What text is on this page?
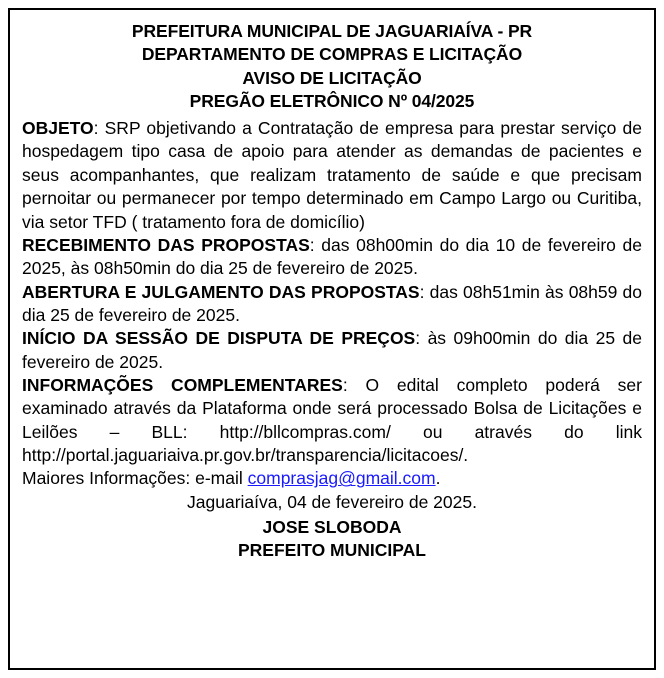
PREFEITURA MUNICIPAL DE JAGUARIAÍVA - PR
DEPARTAMENTO DE COMPRAS E LICITAÇÃO
AVISO DE LICITAÇÃO
PREGÃO ELETRÔNICO Nº 04/2025

OBJETO: SRP objetivando a Contratação de empresa para prestar serviço de hospedagem tipo casa de apoio para atender as demandas de pacientes e seus acompanhantes, que realizam tratamento de saúde e que precisam pernoitar ou permanecer por tempo determinado em Campo Largo ou Curitiba, via setor TFD ( tratamento fora de domicílio)

RECEBIMENTO DAS PROPOSTAS: das 08h00min do dia 10 de fevereiro de 2025, às 08h50min do dia 25 de fevereiro de 2025.

ABERTURA E JULGAMENTO DAS PROPOSTAS: das 08h51min às 08h59 do dia 25 de fevereiro de 2025.

INÍCIO DA SESSÃO DE DISPUTA DE PREÇOS: às 09h00min do dia 25 de fevereiro de 2025.

INFORMAÇÕES COMPLEMENTARES: O edital completo poderá ser examinado através da Plataforma onde será processado Bolsa de Licitações e Leilões – BLL: http://bllcompras.com/ ou através do link http://portal.jaguariaiva.pr.gov.br/transparencia/licitacoes/.

Maiores Informações: e-mail comprasjag@gmail.com.

Jaguariaíva, 04 de fevereiro de 2025.

JOSE SLOBODA
PREFEITO MUNICIPAL
